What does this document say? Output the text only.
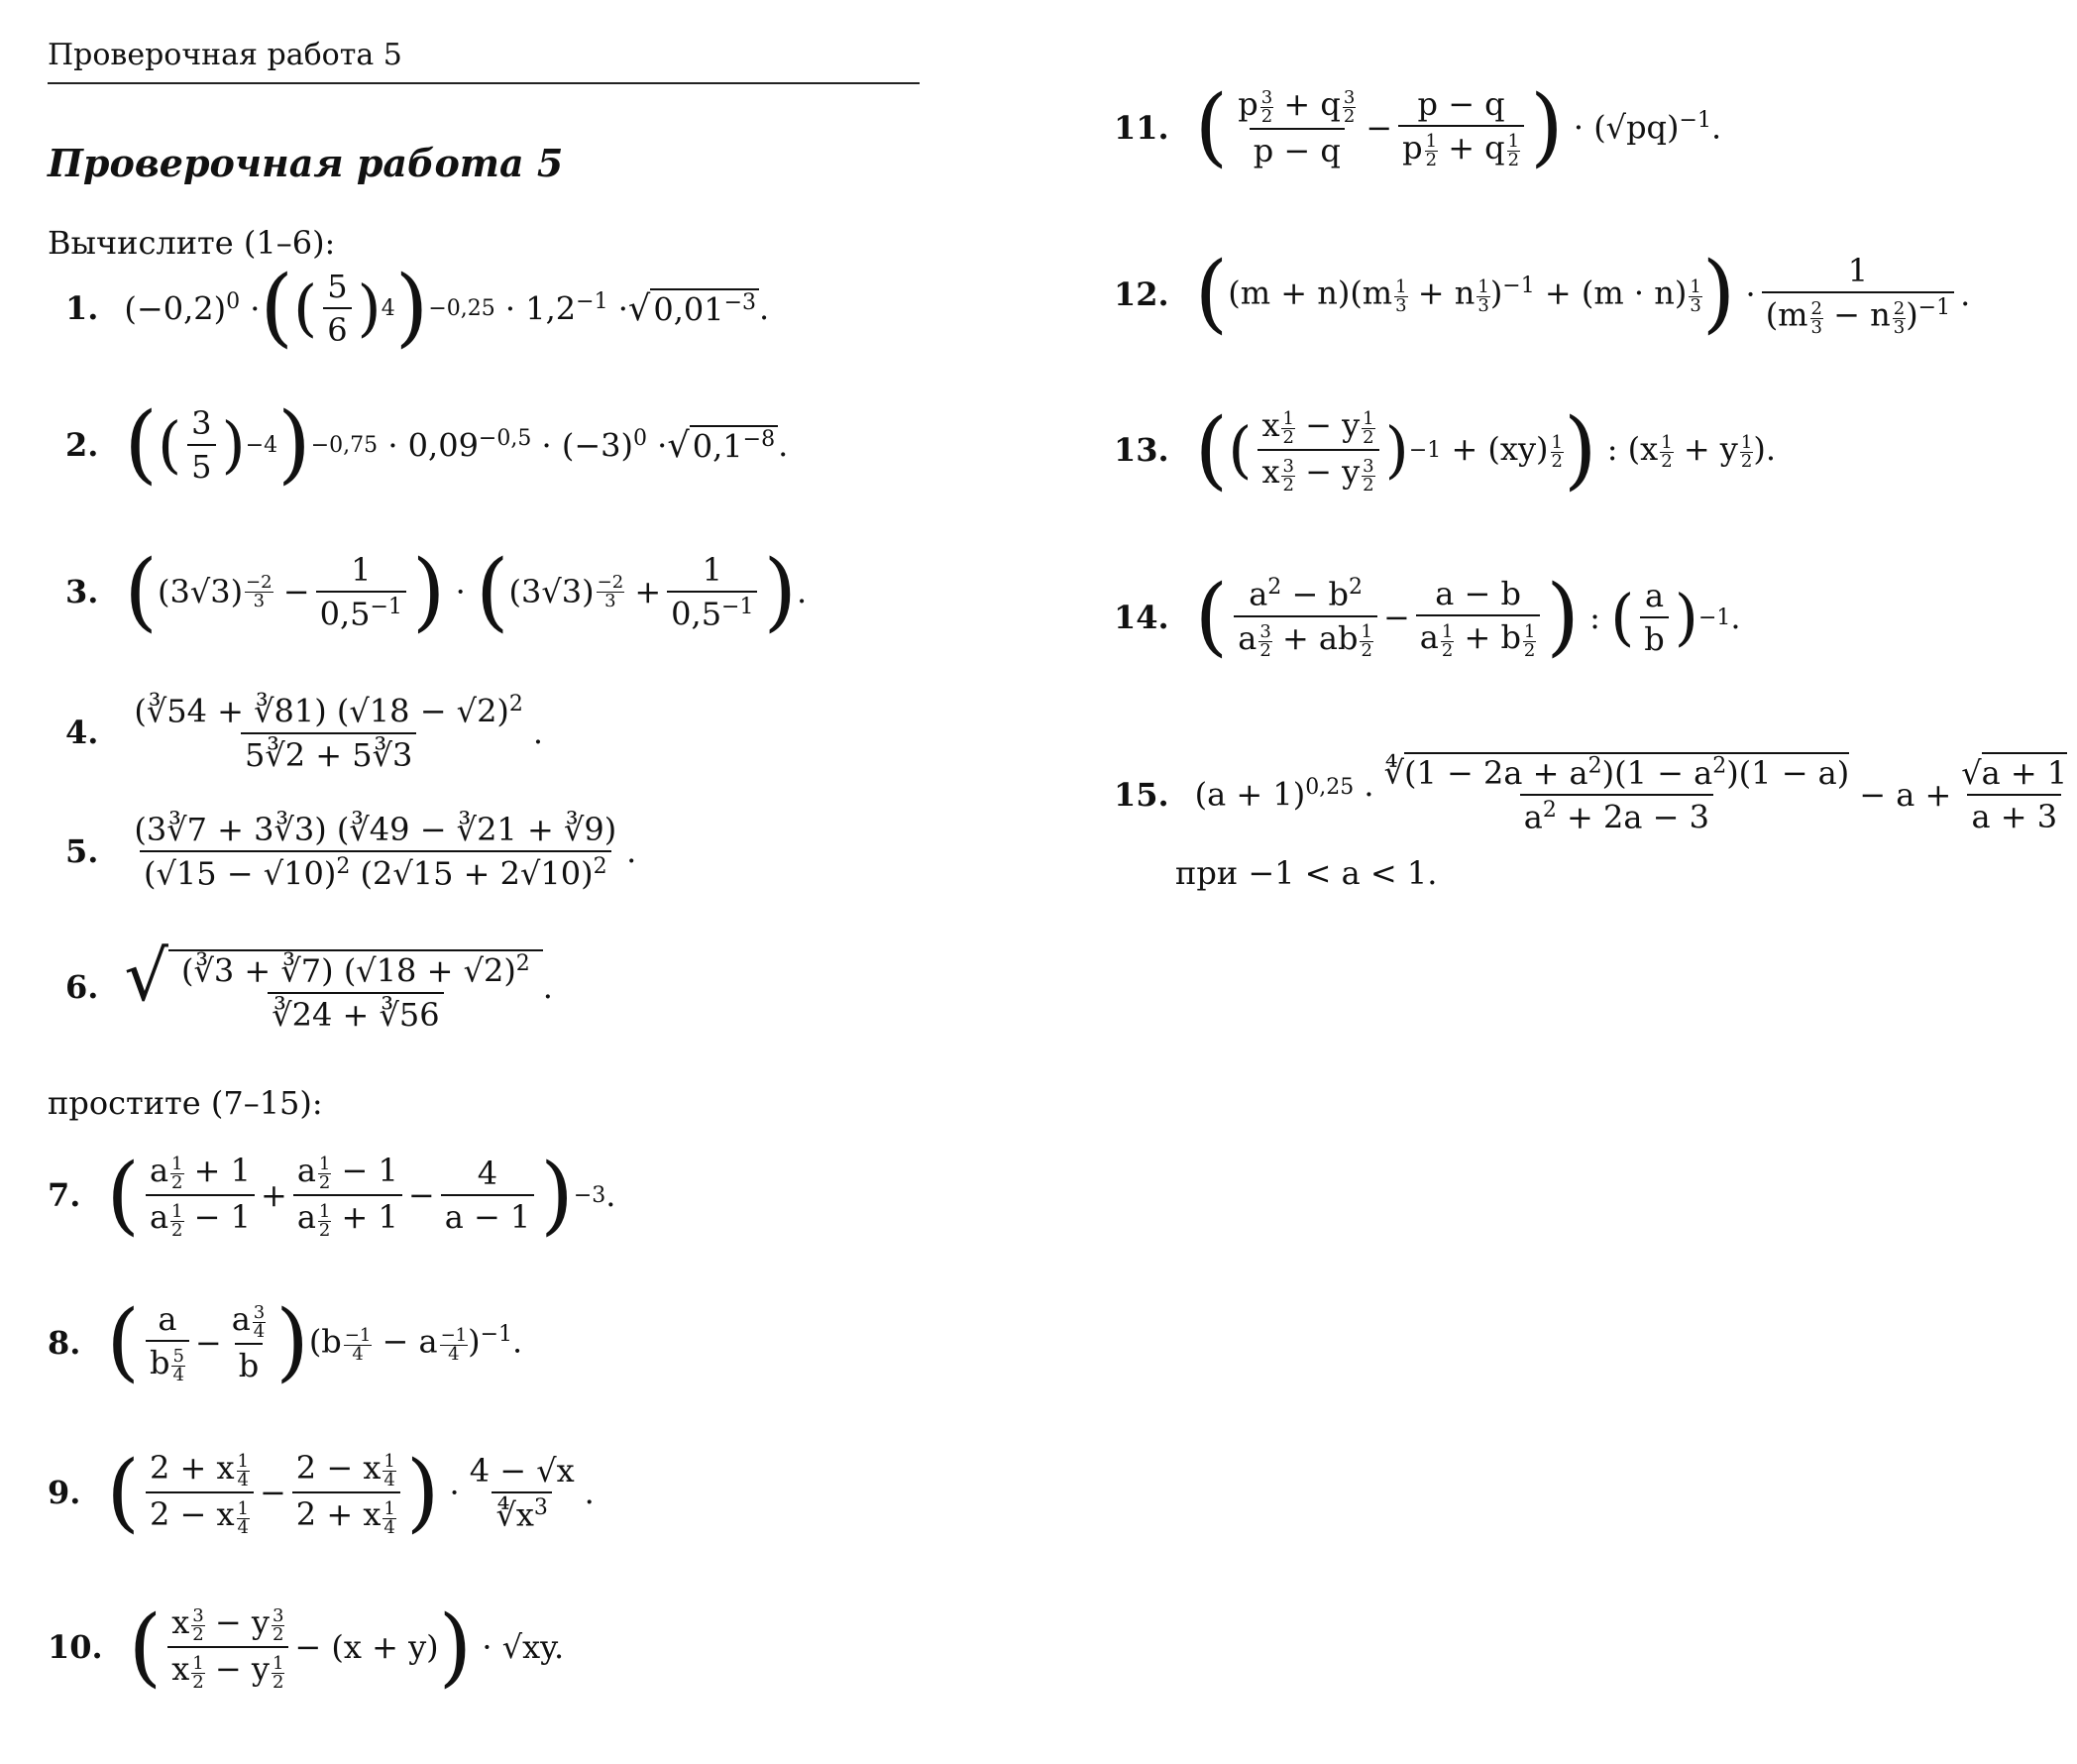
Проверочная работа 5
Проверочная работа 5
Вычислите (1–6):
простите (7–15):
1. $(-0,2)^0$ · ( ( $\frac{5}{6}$ ) 4 ) $-0,25 \cdot 1,2^{-1}$ · √ $0,01^{-3}$ .
2. ( ( $\frac{3}{5}$ ) −4 ) $-0,75 \cdot 0,09^{-0,5} \cdot (-3)^0$ · √ $0,1^{-8}$ .
3. ( (3√3) −2
$3 - \frac{1}{0,5^{-1}}$ ) · ( (3√3) −2
$3 + \frac{1}{0,5^{-1}}$ ) .
4. $\frac{(∛54 + ∛81) (√18 - √2)^2}{5∛2 + 5∛3}$ .
5. $\frac{(3∛7 + 3∛3) (∛49 - ∛21 + ∛9)}{(√15 - √10)^2 (2√15 + 2√10)^2}$ .
6. √ $\frac{(∛3 + ∛7) (√18 + √2)^2}{∛24 + ∛56}$ .
7. ( $\frac{a \frac{1}{2} + 1}{a \frac{1}{2} - 1} + \frac{a \frac{1}{2} - 1}{a \frac{1}{2} + 1} - \frac{4}{a - 1}$ ) −3 .
8. ( $\frac{a}{b \frac{5}{4}} - \frac{a \frac{3}{4}}{b}$ ) $(b \frac{-1}{4} - a \frac{-1}{4} )^{-1}$.
9. ( $\frac{2 + x \frac{1}{4}}{2 - x \frac{1}{4}} - \frac{2 - x \frac{1}{4}}{2 + x \frac{1}{4}}$ ) · $\frac{4 - √x}{∜x^3}$ .
10. ( $\frac{x \frac{3}{2} - y \frac{3}{2}}{x \frac{1}{2} - y \frac{1}{2}} - (x + y)$ ) · √xy.
11. ( $\frac{p \frac{3}{2} + q \frac{3}{2}}{p - q} - \frac{p - q}{p \frac{1}{2} + q \frac{1}{2}}$ ) · $(√pq)^{-1}$.
12. ( $(m + n)(m \frac{1}{3} + n \frac{1}{3} )^{-1} + (m \cdot n) \frac{1}{3}$ ) · $\frac{1}{(m \frac{2}{3} - n \frac{2}{3} )^{-1}}$ .
13. ( ( $\frac{x \frac{1}{2} - y \frac{1}{2}}{x \frac{3}{2} - y \frac{3}{2}}$ ) $-1 + (xy) \frac{1}{2}$ ) : ($x \frac{1}{2} + y \frac{1}{2}$ ).
14. ( $\frac{a^2 - b^2}{a \frac{3}{2} + ab \frac{1}{2}} - \frac{a - b}{a \frac{1}{2} + b \frac{1}{2}}$ ) : ( $\frac{a}{b}$ ) −1 .
15. $(a + 1)^{0,25} \cdot \frac{∜(1 - 2a + a^2)(1 - a^2)(1 - a)}{a^2 + 2a - 3} - a + \frac{√a + 1}{a + 3}$
при −1 < a < 1.
